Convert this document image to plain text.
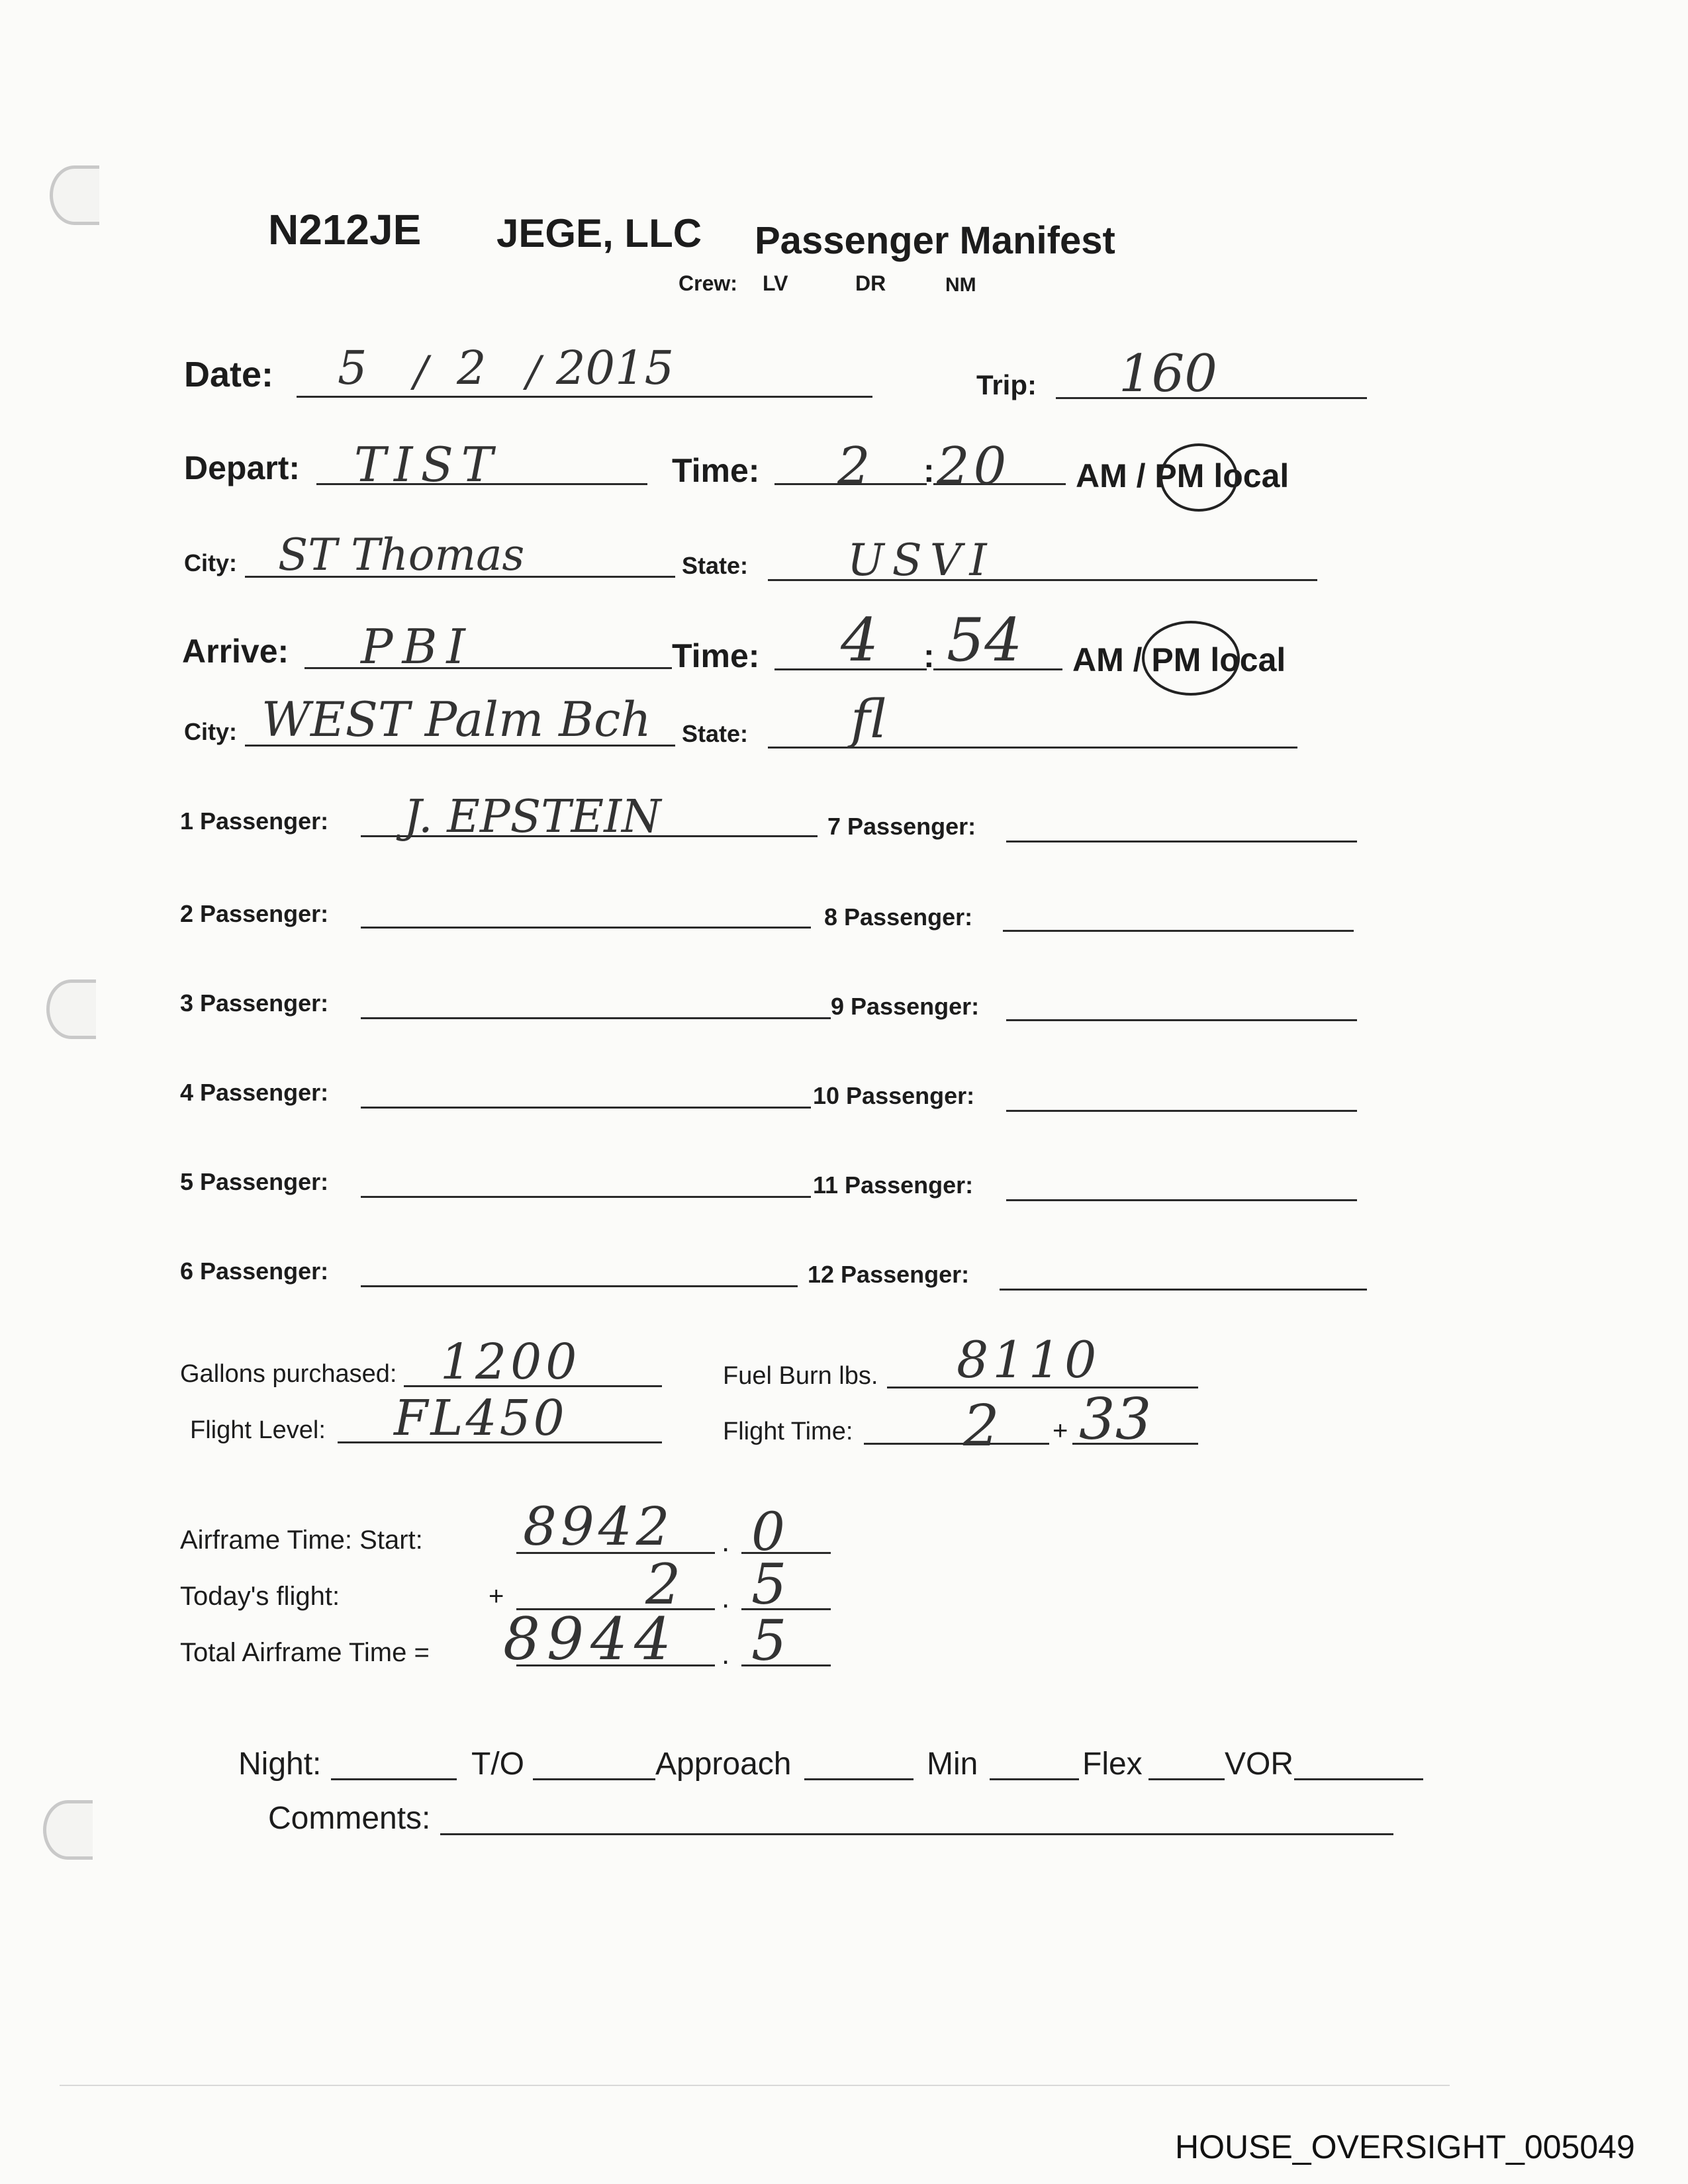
N212JE JEGE, LLC Passenger Manifest
Crew: LV	DR	NM
Date: 5 / 2 / 2015	Trip: 160
Depart: TIST	Time: 2 : 20 AM / PM local
City: ST Thomas	State: USVI
Arrive: PBI	Time: 4 : 54 AM / PM local
City: WEST Palm Bch State: fl
1 Passenger: J. EPSTEIN
2 Passenger:
3 Passenger:
4 Passenger:
5 Passenger:
6 Passenger:
7 Passenger:
8 Passenger:
9 Passenger:
10 Passenger:
11 Passenger:
12 Passenger:
Gallons purchased: 1200	Fuel Burn lbs. 8110
Flight Level: FL450	Flight Time: 2 + 33
Airframe Time: Start: 8942 . 0
Today's flight:	+	2 . 5
Total Airframe Time = 8944 . 5
Night:	T/O	Approach	Min	Flex	VOR
Comments:
HOUSE_OVERSIGHT_005049
